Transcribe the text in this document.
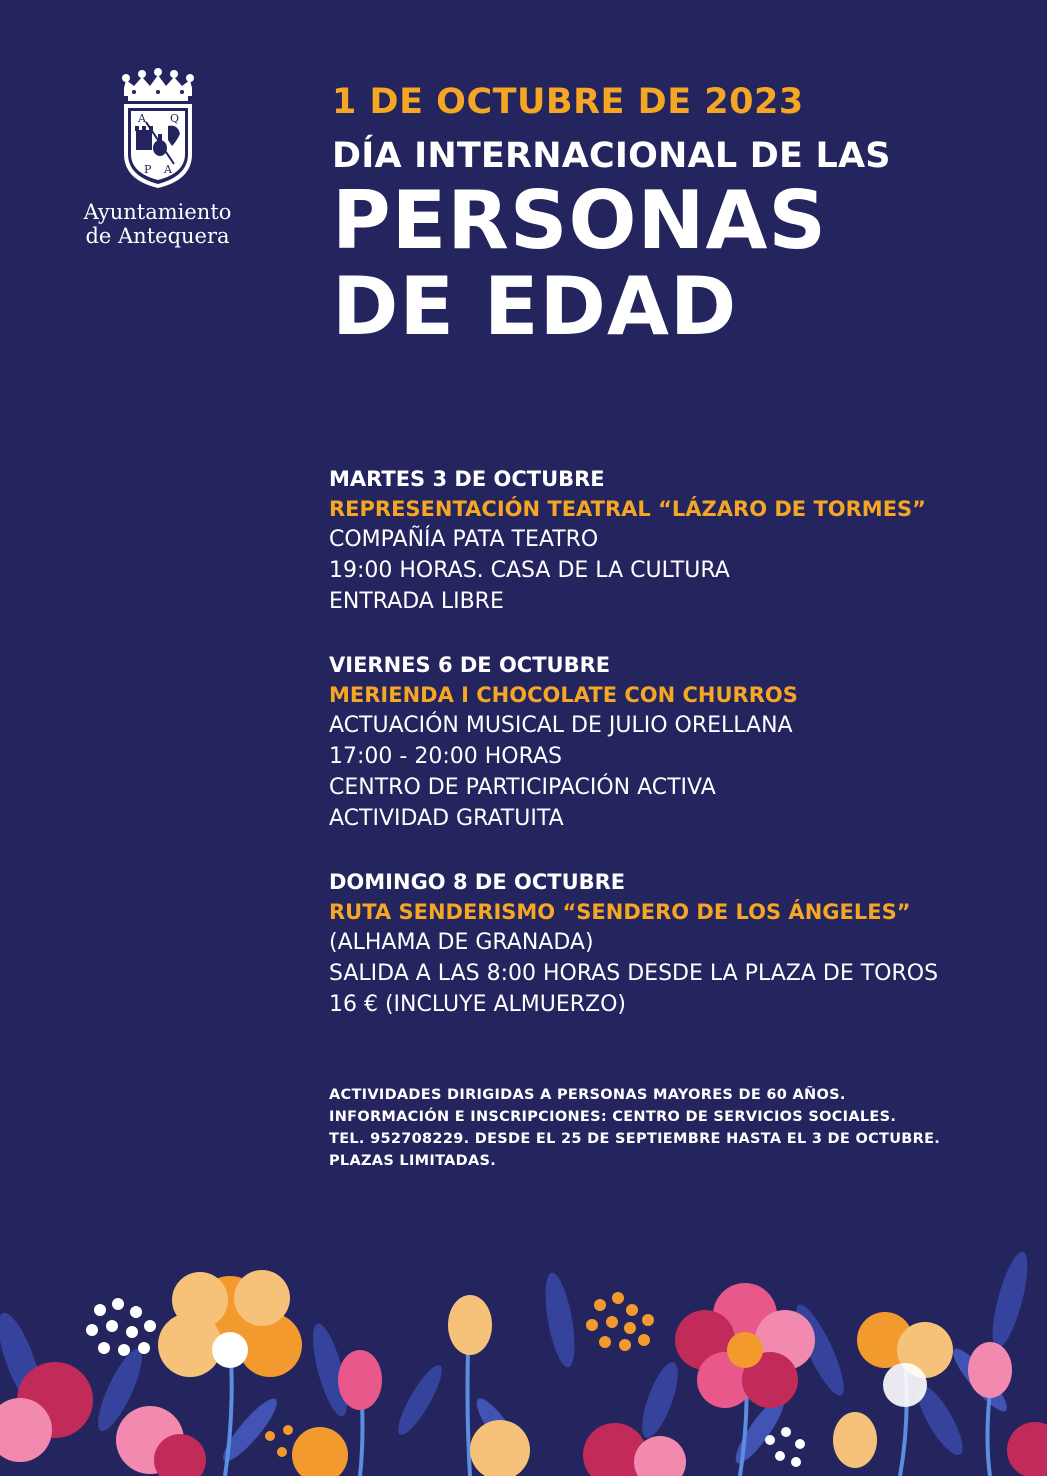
A Q
P A
Ayuntamiento
de Antequera
1 DE OCTUBRE DE 2023
DÍA INTERNACIONAL DE LAS
PERSONAS
DE EDAD
MARTES 3 DE OCTUBRE
REPRESENTACIÓN TEATRAL “LÁZARO DE TORMES”
COMPAÑÍA PATA TEATRO
19:00 HORAS. CASA DE LA CULTURA
ENTRADA LIBRE
VIERNES 6 DE OCTUBRE
MERIENDA I CHOCOLATE CON CHURROS
ACTUACIÓN MUSICAL DE JULIO ORELLANA
17:00 - 20:00 HORAS
CENTRO DE PARTICIPACIÓN ACTIVA
ACTIVIDAD GRATUITA
DOMINGO 8 DE OCTUBRE
RUTA SENDERISMO “SENDERO DE LOS ÁNGELES”
(ALHAMA DE GRANADA)
SALIDA A LAS 8:00 HORAS DESDE LA PLAZA DE TOROS
16 € (INCLUYE ALMUERZO)
ACTIVIDADES DIRIGIDAS A PERSONAS MAYORES DE 60 AÑOS.
INFORMACIÓN E INSCRIPCIONES: CENTRO DE SERVICIOS SOCIALES.
TEL. 952708229. DESDE EL 25 DE SEPTIEMBRE HASTA EL 3 DE OCTUBRE.
PLAZAS LIMITADAS.
